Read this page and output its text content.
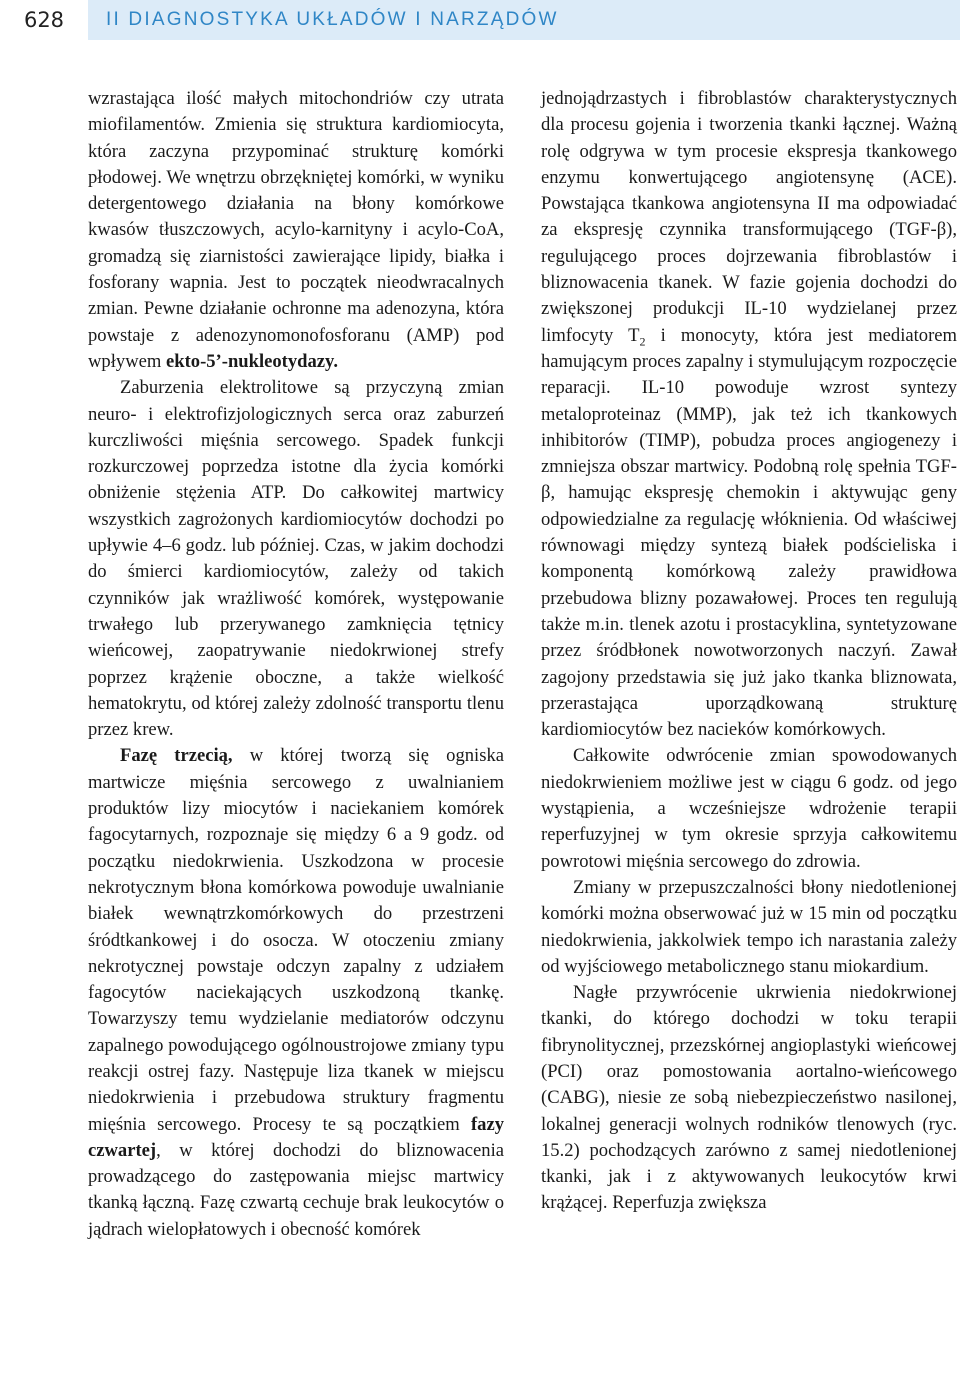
628	II DIAGNOSTYKA UKŁADÓW I NARZĄDÓW

wzrastająca ilość małych mitochondriów czy utrata miofilamentów. Zmienia się struktura kardiomiocyta, która zaczyna przypominać strukturę komórki płodowej. We wnętrzu obrzękniętej komórki, w wyniku detergentowego działania na błony komórkowe kwasów tłuszczowych, acylo-karnityny i acylo-CoA, gromadzą się ziarnistości zawierające lipidy, białka i fosforany wapnia. Jest to początek nieodwracalnych zmian. Pewne działanie ochronne ma adenozyna, która powstaje z adenozynomonofosforanu (AMP) pod wpływem ekto-5’-nukleotydazy.

Zaburzenia elektrolitowe są przyczyną zmian neuro- i elektrofizjologicznych serca oraz zaburzeń kurczliwości mięśnia sercowego. Spadek funkcji rozkurczowej poprzedza istotne dla życia komórki obniżenie stężenia ATP. Do całkowitej martwicy wszystkich zagrożonych kardiomiocytów dochodzi po upływie 4–6 godz. lub później. Czas, w jakim dochodzi do śmierci kardiomiocytów, zależy od takich czynników jak wrażliwość komórek, występowanie trwałego lub przerywanego zamknięcia tętnicy wieńcowej, zaopatrywanie niedokrwionej strefy poprzez krążenie oboczne, a także wielkość hematokrytu, od której zależy zdolność transportu tlenu przez krew.

Fazę trzecią, w której tworzą się ogniska martwicze mięśnia sercowego z uwalnianiem produktów lizy miocytów i naciekaniem komórek fagocytarnych, rozpoznaje się między 6 a 9 godz. od początku niedokrwienia. Uszkodzona w procesie nekrotycznym błona komórkowa powoduje uwalnianie białek wewnątrzkomórkowych do przestrzeni śródtkankowej i do osocza. W otoczeniu zmiany nekrotycznej powstaje odczyn zapalny z udziałem fagocytów naciekających uszkodzoną tkankę. Towarzyszy temu wydzielanie mediatorów odczynu zapalnego powodującego ogólnoustrojowe zmiany typu reakcji ostrej fazy. Następuje liza tkanek w miejscu niedokrwienia i przebudowa struktury fragmentu mięśnia sercowego. Procesy te są początkiem fazy czwartej, w której dochodzi do bliznowacenia prowadzącego do zastępowania miejsc martwicy tkanką łączną. Fazę czwartą cechuje brak leukocytów o jądrach wielopłatowych i obecność komórek

jednojądrzastych i fibroblastów charakterystycznych dla procesu gojenia i tworzenia tkanki łącznej. Ważną rolę odgrywa w tym procesie ekspresja tkankowego enzymu konwertującego angiotensynę (ACE). Powstająca tkankowa angiotensyna II ma odpowiadać za ekspresję czynnika transformującego (TGF-β), regulującego proces dojrzewania fibroblastów i bliznowacenia tkanek. W fazie gojenia dochodzi do zwiększonej produkcji IL-10 wydzielanej przez limfocyty $T_2$ i monocyty, która jest mediatorem hamującym proces zapalny i stymulującym rozpoczęcie reparacji. IL-10 powoduje wzrost syntezy metaloproteinaz (MMP), jak też ich tkankowych inhibitorów (TIMP), pobudza proces angiogenezy i zmniejsza obszar martwicy. Podobną rolę spełnia TGF-β, hamując ekspresję chemokin i aktywując geny odpowiedzialne za regulację włóknienia. Od właściwej równowagi między syntezą białek podścieliska i komponentą komórkową zależy prawidłowa przebudowa blizny pozawałowej. Proces ten regulują także m.in. tlenek azotu i prostacyklina, syntetyzowane przez śródbłonek nowotworzonych naczyń. Zawał zagojony przedstawia się już jako tkanka bliznowata, przerastająca uporządkowaną strukturę kardiomiocytów bez nacieków komórkowych.

Całkowite odwrócenie zmian spowodowanych niedokrwieniem możliwe jest w ciągu 6 godz. od jego wystąpienia, a wcześniejsze wdrożenie terapii reperfuzyjnej w tym okresie sprzyja całkowitemu powrotowi mięśnia sercowego do zdrowia.

Zmiany w przepuszczalności błony niedotlenionej komórki można obserwować już w 15 min od początku niedokrwienia, jakkolwiek tempo ich narastania zależy od wyjściowego metabolicznego stanu miokardium.

Nagłe przywrócenie ukrwienia niedokrwionej tkanki, do którego dochodzi w toku terapii fibrynolitycznej, przezskórnej angioplastyki wieńcowej (PCI) oraz pomostowania aortalno-wieńcowego (CABG), niesie ze sobą niebezpieczeństwo nasilonej, lokalnej generacji wolnych rodników tlenowych (ryc. 15.2) pochodzących zarówno z samej niedotlenionej tkanki, jak i z aktywowanych leukocytów krwi krążącej. Reperfuzja zwiększa
